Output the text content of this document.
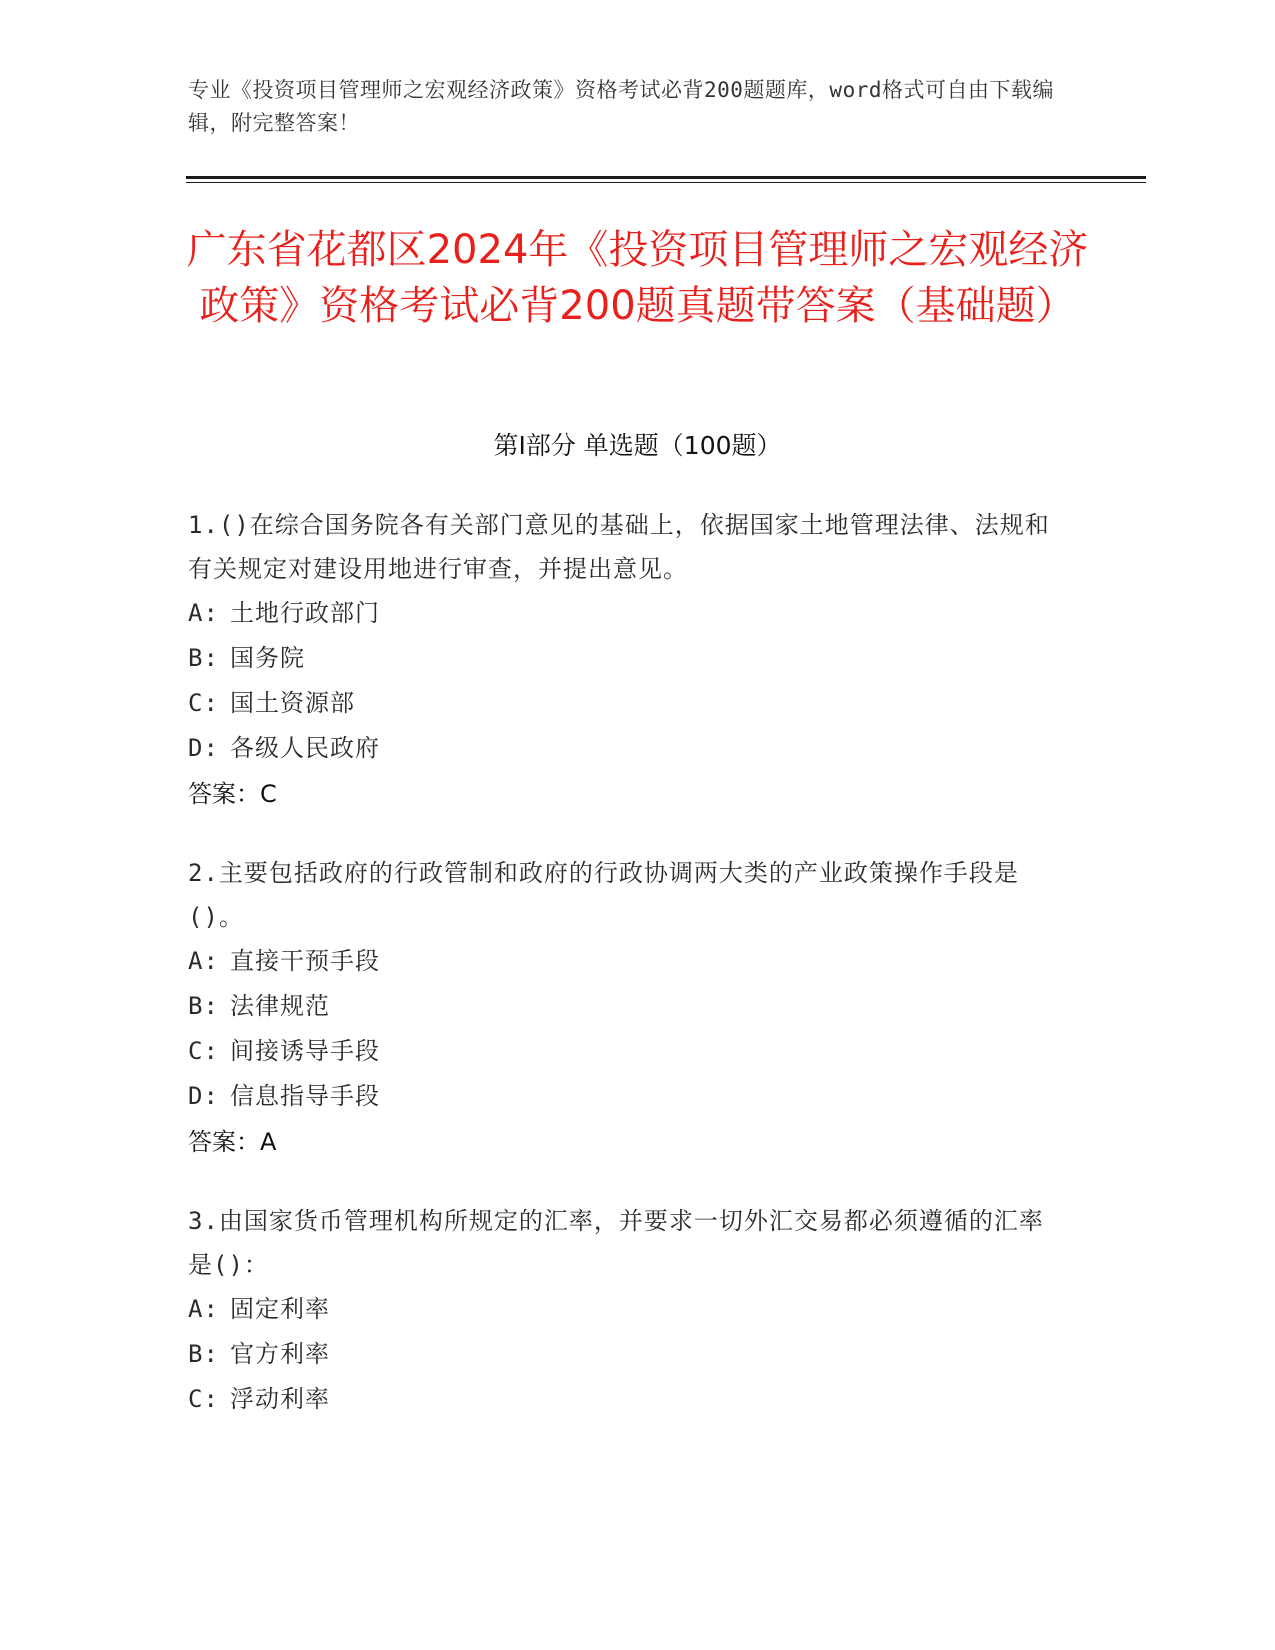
专业《投资项目管理师之宏观经济政策》资格考试必背200题题库，word格式可自由下载编辑，附完整答案！
广东省花都区2024年《投资项目管理师之宏观经济政策》资格考试必背200题真题带答案（基础题）
第I部分 单选题（100题）
1.()在综合国务院各有关部门意见的基础上，依据国家土地管理法律、法规和有关规定对建设用地进行审查，并提出意见。
A: 土地行政部门
B: 国务院
C: 国土资源部
D: 各级人民政府
答案：C
2.主要包括政府的行政管制和政府的行政协调两大类的产业政策操作手段是()。
A: 直接干预手段
B: 法律规范
C: 间接诱导手段
D: 信息指导手段
答案：A
3.由国家货币管理机构所规定的汇率，并要求一切外汇交易都必须遵循的汇率是()：
A: 固定利率
B: 官方利率
C: 浮动利率
